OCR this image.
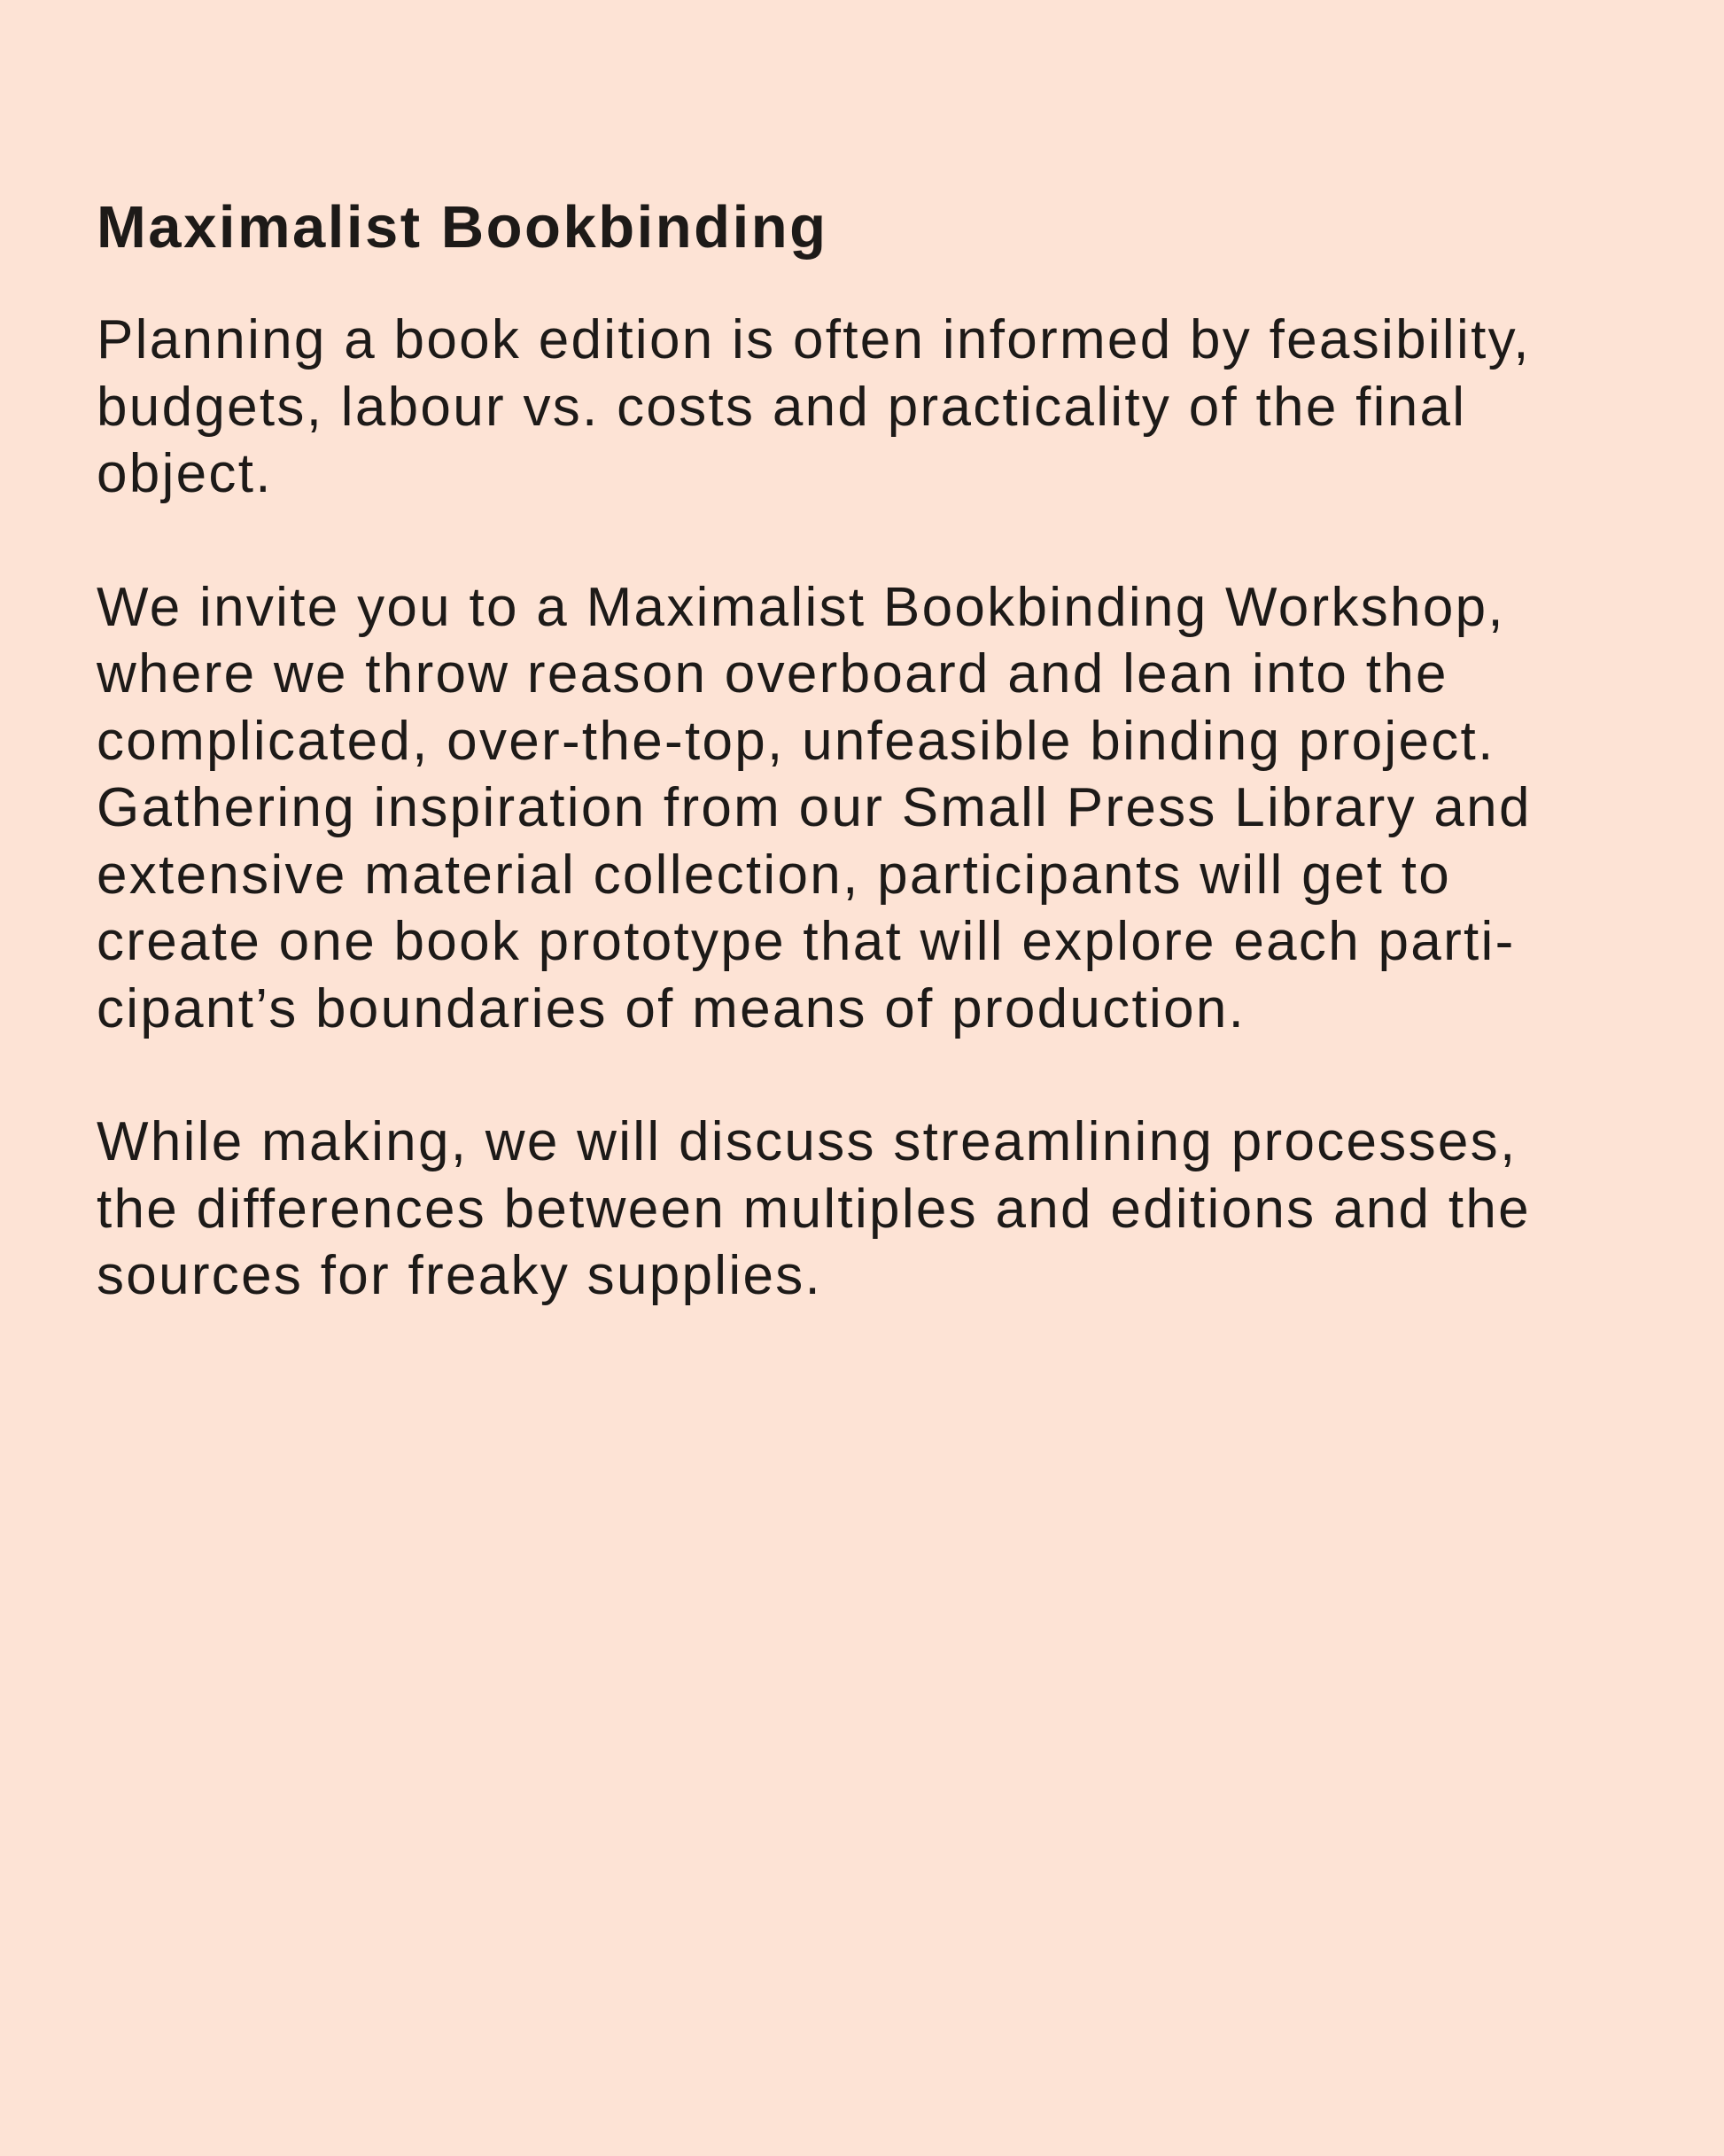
Maximalist Bookbinding

Planning a book edition is often informed by feasibility,
budgets, labour vs. costs and practicality of the final
object.

We invite you to a Maximalist Bookbinding Workshop,
where we throw reason overboard and lean into the
complicated, over-the-top, unfeasible binding project.
Gathering inspiration from our Small Press Library and
extensive material collection, participants will get to
create one book prototype that will explore each parti-
cipant’s boundaries of means of production.

While making, we will discuss streamlining processes,
the differences between multiples and editions and the
sources for freaky supplies.
